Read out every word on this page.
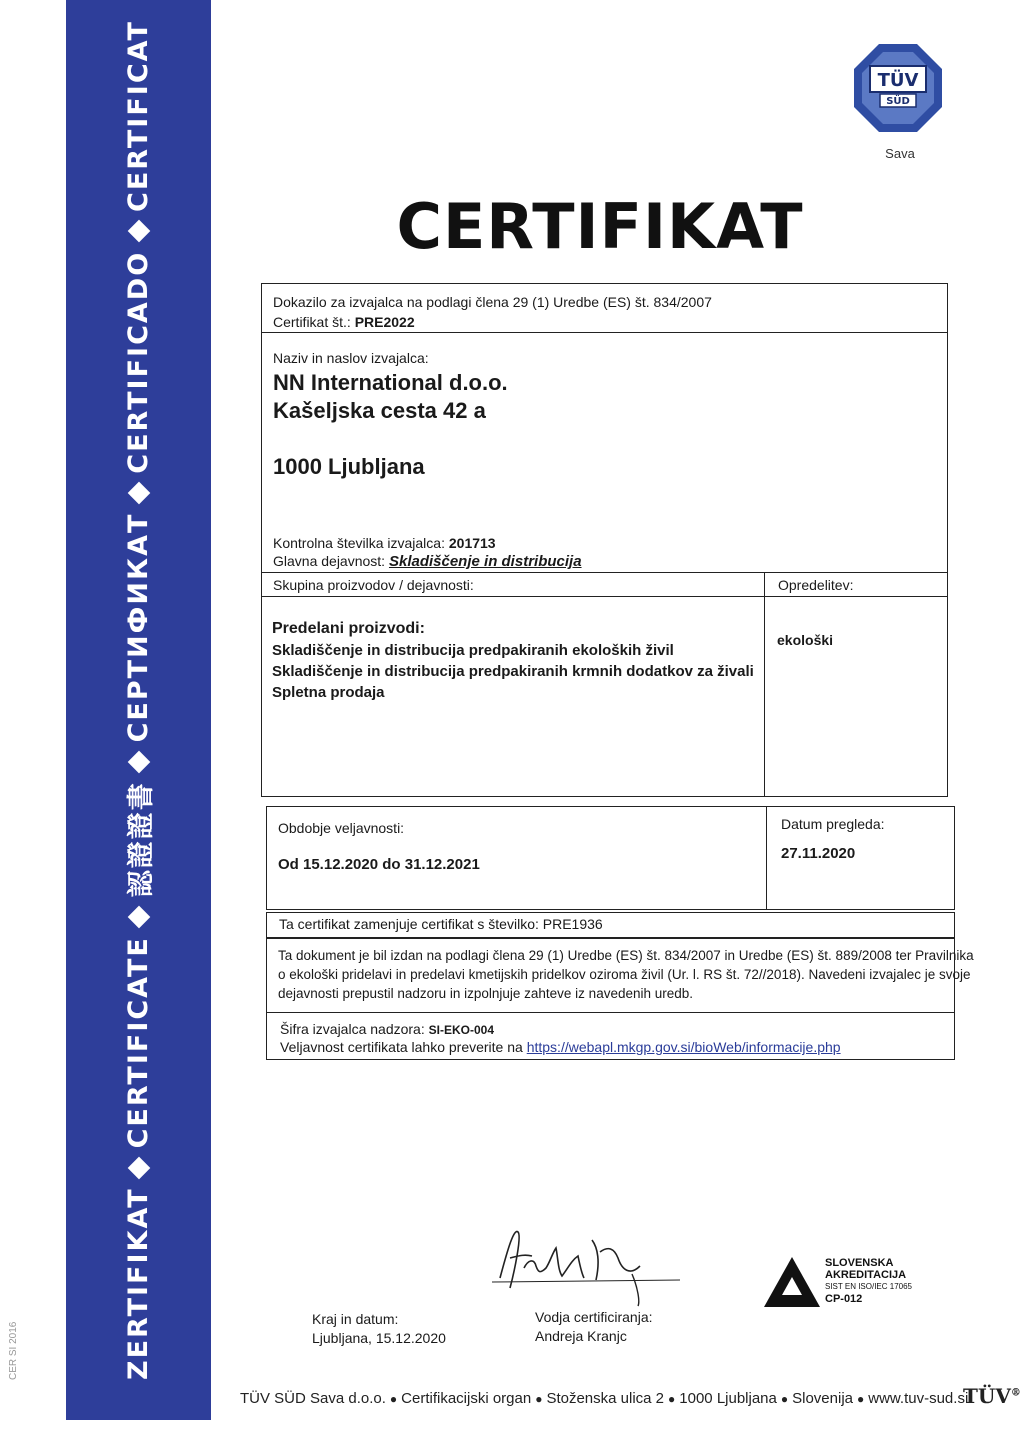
ZERTIFIKAT
CERTIFICATE
認證證書
СЕРТИФИКАТ
CERTIFICADO
CERTIFICAT
CER SI 2016
TÜV
SÜD
Sava
CERTIFIKAT
Dokazilo za izvajalca na podlagi člena 29 (1) Uredbe (ES) št. 834/2007
Certifikat št.: PRE2022
Naziv in naslov izvajalca:
NN International d.o.o.
Kašeljska cesta 42 a
1000 Ljubljana
Kontrolna številka izvajalca: 201713
Glavna dejavnost: Skladiščenje in distribucija
Skupina proizvodov / dejavnosti:	Opredelitev:
Predelani proizvodi:
Skladiščenje in distribucija predpakiranih ekoloških živil
Skladiščenje in distribucija predpakiranih krmnih dodatkov za živali
Spletna prodaja
ekološki
Obdobje veljavnosti:
Od 15.12.2020 do 31.12.2021
Datum pregleda:
27.11.2020
Ta certifikat zamenjuje certifikat s številko: PRE1936
Ta dokument je bil izdan na podlagi člena 29 (1) Uredbe (ES) št. 834/2007 in Uredbe (ES) št. 889/2008 ter Pravilnika
o ekološki pridelavi in predelavi kmetijskih pridelkov oziroma živil (Ur. l. RS št. 72//2018). Navedeni izvajalec je svoje
dejavnosti prepustil nadzoru in izpolnjuje zahteve iz navedenih uredb.
Šifra izvajalca nadzora: SI-EKO-004
Veljavnost certifikata lahko preverite na https://webapl.mkgp.gov.si/bioWeb/informacije.php
Kraj in datum:
Ljubljana, 15.12.2020
Vodja certificiranja:
Andreja Kranjc
SLOVENSKA
AKREDITACIJA
SIST EN ISO/IEC 17065
CP-012
TÜV SÜD Sava d.o.o. ● Certifikacijski organ ● Stoženska ulica 2 ● 1000 Ljubljana ● Slovenija ● www.tuv-sud.si
TÜV®
